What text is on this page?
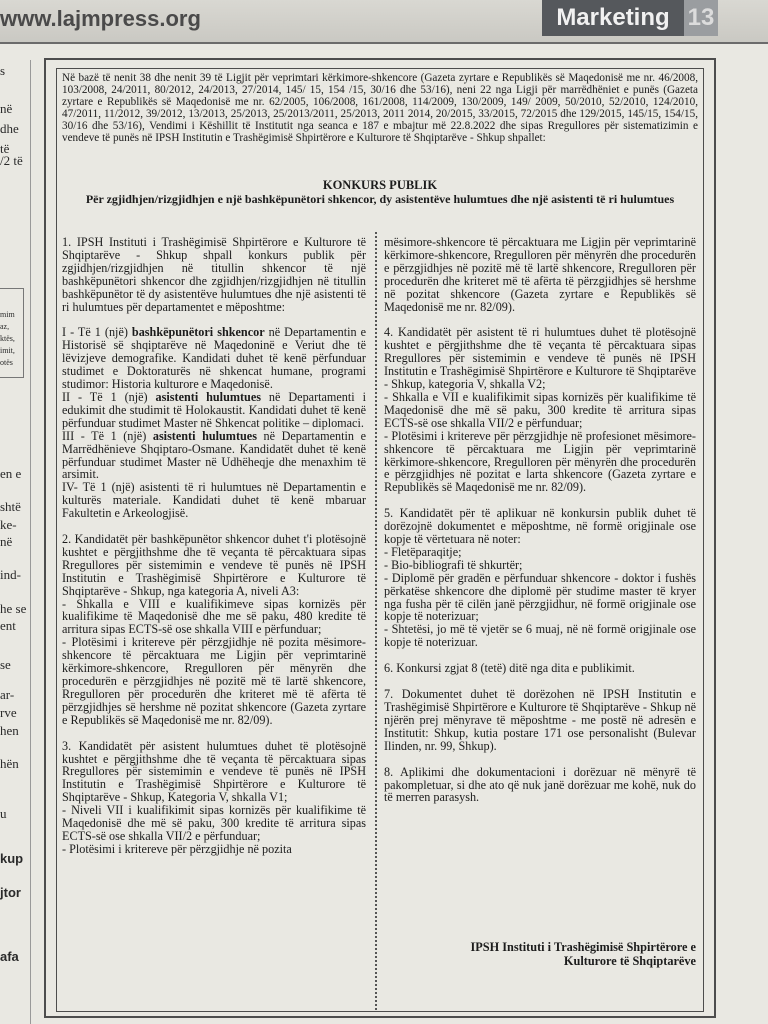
www.lajmpress.org	Marketing 13
s
në
dhe
të
/2 të
mim
az,
ktës,
imit,
otës
en e
shtë
ke-
në
ind-
he se
ent
se
ar-
rve
hen
hën
u
kup
jtor
afa
Në bazë të nenit 38 dhe nenit 39 të Ligjit për veprimtari kërkimore-shkencore (Gazeta zyrtare e Republikës së Maqedonisë me nr. 46/2008, 103/2008, 24/2011, 80/2012, 24/2013, 27/2014, 145/ 15, 154 /15, 30/16 dhe 53/16), neni 22 nga Ligji për marrëdhëniet e punës (Gazeta zyrtare e Republikës së Maqedonisë me nr. 62/2005, 106/2008, 161/2008, 114/2009, 130/2009, 149/ 2009, 50/2010, 52/2010, 124/2010, 47/2011, 11/2012, 39/2012, 13/2013, 25/2013, 25/2013/2011, 25/2013, 2011 2014, 20/2015, 33/2015, 72/2015 dhe 129/2015, 145/15, 154/15, 30/16 dhe 53/16), Vendimi i Këshillit të Institutit nga seanca e 187 e mbajtur më 22.8.2022 dhe sipas Rregullores për sistematizimin e vendeve të punës në IPSH Institutin e Trashëgimisë Shpirtërore e Kulturore të Shqiptarëve - Shkup shpallet:
KONKURS PUBLIK
Për zgjidhjen/rizgjidhjen e një bashkëpunëtori shkencor, dy asistentëve hulumtues dhe një asistenti të ri hulumtues
1. IPSH Instituti i Trashëgimisë Shpirtërore e Kulturore të Shqiptarëve - Shkup shpall konkurs publik për zgjidhjen/rizgjidhjen në titullin shkencor të një bashkëpunëtori shkencor dhe zgjidhjen/rizgjidhjen në titullin bashkëpunëtor të dy asistentëve hulumtues dhe një asistenti të ri hulumtues për departamentet e mëposhtme:
I - Të 1 (një) bashkëpunëtori shkencor në Departamentin e Historisë së shqiptarëve në Maqedoninë e Veriut dhe të lëvizjeve demografike. Kandidati duhet të kenë përfunduar studimet e Doktoraturës në shkencat humane, programi studimor: Historia kulturore e Maqedonisë.
II - Të 1 (një) asistenti hulumtues në Departamenti i edukimit dhe studimit të Holokaustit. Kandidati duhet të kenë përfunduar studimet Master në Shkencat politike – diplomaci.
III - Të 1 (një) asistenti hulumtues në Departamentin e Marrëdhënieve Shqiptaro-Osmane. Kandidatët duhet të kenë përfunduar studimet Master në Udhëheqje dhe menaxhim të arsimit.
IV- Të 1 (një) asistenti të ri hulumtues në Departamentin e kulturës materiale. Kandidati duhet të kenë mbaruar Fakultetin e Arkeologjisë.
2. Kandidatët për bashkëpunëtor shkencor duhet t'i plotësojnë kushtet e përgjithshme dhe të veçanta të përcaktuara sipas Rregullores për sistemimin e vendeve të punës në IPSH Institutin e Trashëgimisë Shpirtërore e Kulturore të Shqiptarëve - Shkup, nga kategoria A, niveli A3:
- Shkalla e VIII e kualifikimeve sipas kornizës për kualifikime të Maqedonisë dhe me së paku, 480 kredite të arritura sipas ECTS-së ose shkalla VIII e përfunduar;
- Plotësimi i kritereve për përzgjidhje në pozita mësimore-shkencore të përcaktuara me Ligjin për veprimtarinë kërkimore-shkencore, Rregulloren për mënyrën dhe procedurën e përzgjidhjes në pozitë më të lartë shkencore, Rregulloren për procedurën dhe kriteret më të afërta të përzgjidhjes së hershme në pozitat shkencore (Gazeta zyrtare e Republikës së Maqedonisë me nr. 82/09).
3. Kandidatët për asistent hulumtues duhet të plotësojnë kushtet e përgjithshme dhe të veçanta të përcaktuara sipas Rregullores për sistemimin e vendeve të punës në IPSH Institutin e Trashëgimisë Shpirtërore e Kulturore të Shqiptarëve - Shkup, Kategoria V, shkalla V1;
- Niveli VII i kualifikimit sipas kornizës për kualifikime të Maqedonisë dhe më së paku, 300 kredite të arritura sipas ECTS-së ose shkalla VII/2 e përfunduar;
- Plotësimi i kritereve për përzgjidhje në pozita
mësimore-shkencore të përcaktuara me Ligjin për veprimtarinë kërkimore-shkencore, Rregulloren për mënyrën dhe procedurën e përzgjidhjes në pozitë më të lartë shkencore, Rregulloren për procedurën dhe kriteret më të afërta të përzgjidhjes së hershme në pozitat shkencore (Gazeta zyrtare e Republikës së Maqedonisë me nr. 82/09).
4. Kandidatët për asistent të ri hulumtues duhet të plotësojnë kushtet e përgjithshme dhe të veçanta të përcaktuara sipas Rregullores për sistemimin e vendeve të punës në IPSH Institutin e Trashëgimisë Shpirtërore e Kulturore të Shqiptarëve - Shkup, kategoria V, shkalla V2;
- Shkalla e VII e kualifikimit sipas kornizës për kualifikime të Maqedonisë dhe më së paku, 300 kredite të arritura sipas ECTS-së ose shkalla VII/2 e përfunduar;
- Plotësimi i kritereve për përzgjidhje në profesionet mësimore-shkencore të përcaktuara me Ligjin për veprimtarinë kërkimore-shkencore, Rregulloren për mënyrën dhe procedurën e përzgjidhjes në pozitat e larta shkencore (Gazeta zyrtare e Republikës së Maqedonisë me nr. 82/09).
5. Kandidatët për të aplikuar në konkursin publik duhet të dorëzojnë dokumentet e mëposhtme, në formë origjinale ose kopje të vërtetuara në noter:
- Fletëparaqitje;
- Bio-bibliografi të shkurtër;
- Diplomë për gradën e përfunduar shkencore - doktor i fushës përkatëse shkencore dhe diplomë për studime master të kryer nga fusha për të cilën janë përzgjidhur, në formë origjinale ose kopje të noterizuar;
- Shtetësi, jo më të vjetër se 6 muaj, në në formë origjinale ose kopje të noterizuar.
6. Konkursi zgjat 8 (tetë) ditë nga dita e publikimit.
7. Dokumentet duhet të dorëzohen në IPSH Institutin e Trashëgimisë Shpirtërore e Kulturore të Shqiptarëve - Shkup në njërën prej mënyrave të mëposhtme - me postë në adresën e Institutit: Shkup, kutia postare 171 ose personalisht (Bulevar Ilinden, nr. 99, Shkup).
8. Aplikimi dhe dokumentacioni i dorëzuar në mënyrë të pakompletuar, si dhe ato që nuk janë dorëzuar me kohë, nuk do të merren parasysh.
IPSH Instituti i Trashëgimisë Shpirtërore e
Kulturore të Shqiptarëve
